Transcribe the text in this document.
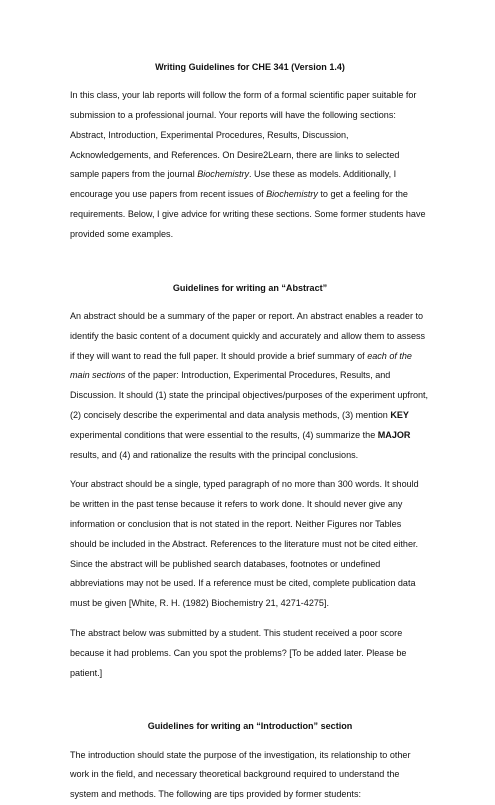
Writing Guidelines for CHE 341 (Version 1.4)

In this class, your lab reports will follow the form of a formal scientific paper suitable for submission to a professional journal. Your reports will have the following sections: Abstract, Introduction, Experimental Procedures, Results, Discussion, Acknowledgements, and References. On Desire2Learn, there are links to selected sample papers from the journal Biochemistry. Use these as models. Additionally, I encourage you use papers from recent issues of Biochemistry to get a feeling for the requirements. Below, I give advice for writing these sections. Some former students have provided some examples.

Guidelines for writing an “Abstract”

An abstract should be a summary of the paper or report. An abstract enables a reader to identify the basic content of a document quickly and accurately and allow them to assess if they will want to read the full paper. It should provide a brief summary of each of the main sections of the paper: Introduction, Experimental Procedures, Results, and Discussion. It should (1) state the principal objectives/purposes of the experiment upfront, (2) concisely describe the experimental and data analysis methods, (3) mention KEY experimental conditions that were essential to the results, (4) summarize the MAJOR results, and (4) and rationalize the results with the principal conclusions.

Your abstract should be a single, typed paragraph of no more than 300 words. It should be written in the past tense because it refers to work done. It should never give any information or conclusion that is not stated in the report. Neither Figures nor Tables should be included in the Abstract. References to the literature must not be cited either. Since the abstract will be published search databases, footnotes or undefined abbreviations may not be used. If a reference must be cited, complete publication data must be given [White, R. H. (1982) Biochemistry 21, 4271-4275].

The abstract below was submitted by a student. This student received a poor score because it had problems. Can you spot the problems? [To be added later. Please be patient.]

Guidelines for writing an “Introduction” section

The introduction should state the purpose of the investigation, its relationship to other work in the field, and necessary theoretical background required to understand the system and methods. The following are tips provided by former students:
